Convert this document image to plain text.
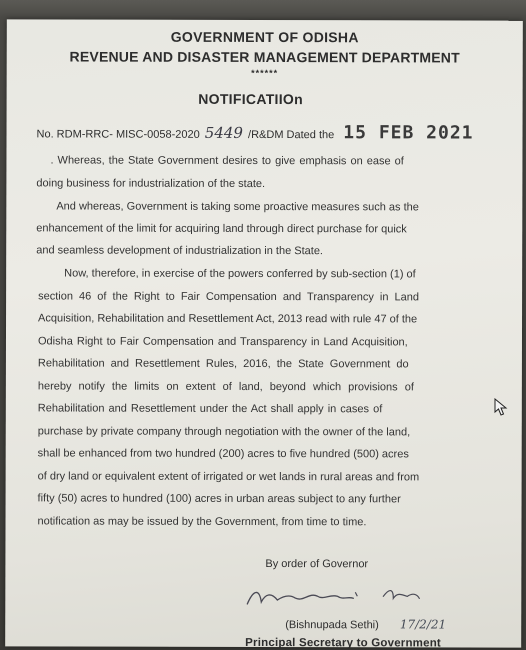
GOVERNMENT OF ODISHA
REVENUE AND DISASTER MANAGEMENT DEPARTMENT
******
NOTIFICATIIOn
No. RDM-RRC- MISC-0058-2020 5449 /R&DM Dated the 15 FEB 2021
. Whereas, the State Government desires to give emphasis on ease of
doing business for industrialization of the state.
And whereas, Government is taking some proactive measures such as the
enhancement of the limit for acquiring land through direct purchase for quick
and seamless development of industrialization in the State.
Now, therefore, in exercise of the powers conferred by sub-section (1) of
section 46 of the Right to Fair Compensation and Transparency in Land
Acquisition, Rehabilitation and Resettlement Act, 2013 read with rule 47 of the
Odisha Right to Fair Compensation and Transparency in Land Acquisition,
Rehabilitation and Resettlement Rules, 2016, the State Government do
hereby notify the limits on extent of land, beyond which provisions of
Rehabilitation and Resettlement under the Act shall apply in cases of
purchase by private company through negotiation with the owner of the land,
shall be enhanced from two hundred (200) acres to five hundred (500) acres
of dry land or equivalent extent of irrigated or wet lands in rural areas and from
fifty (50) acres to hundred (100) acres in urban areas subject to any further
notification as may be issued by the Government, from time to time.
By order of Governor
(Bishnupada Sethi) 17/2/21
Principal Secretary to Government
